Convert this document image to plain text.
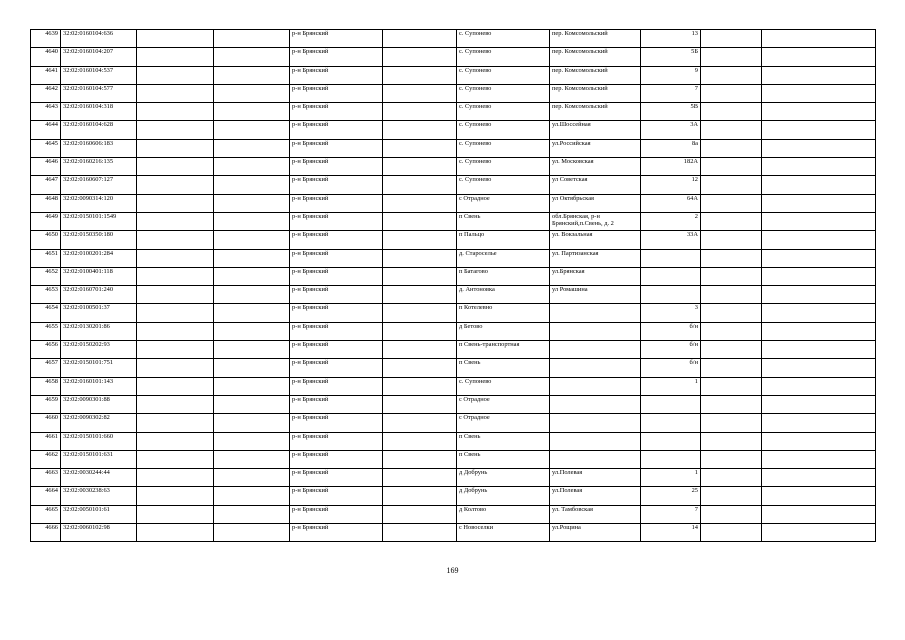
4639	32:02:0160104:636			р-н Брянский		с. Супонево	пер. Комсомольский	13		
4640	32:02:0160104:207			р-н Брянский		с. Супонево	пер. Комсомольский	5Б		
4641	32:02:0160104:537			р-н Брянский		с. Супонево	пер. Комсомольский	9		
4642	32:02:0160104:577			р-н Брянский		с. Супонево	пер. Комсомольский	7		
4643	32:02:0160104:318			р-н Брянский		с. Супонево	пер. Комсомольский	5В		
4644	32:02:0160104:628			р-н Брянский		с. Супонево	ул.Шоссейная	3А		
4645	32:02:0160606:183			р-н Брянский		с. Супонево	ул.Российская	8а		
4646	32:02:0160216:135			р-н Брянский		с. Супонево	ул. Московская	182А		
4647	32:02:0160607:127			р-н Брянский		с. Супонево	ул Советская	12		
4648	32:02:0090314:120			р-н Брянский		с Отрадное	ул Октябрьская	64А		
4649	32:02:0150101:1549			р-н Брянский		п Свень	обл.Брянская, р-н Брянский,п.Свень, д. 2	2		
4650	32:02:0150350:180			р-н Брянский		п Пальцо	ул. Вокзальная	33А		
4651	32:02:0100201:284			р-н Брянский		д. Староселье	ул. Партизанская			
4652	32:02:0100401:118			р-н Брянский		п Батагово	ул.Брянская			
4653	32:02:0160701:240			р-н Брянский		д. Антоновка	ул Ромашина			
4654	32:02:0100501:37			р-н Брянский		п Котелевно		3		
4655	32:02:0130201:86			р-н Брянский		д Бетово		б/н		
4656	32:02:0150202:93			р-н Брянский		п Свень-транспортная		б/н		
4657	32:02:0150101:751			р-н Брянский		п Свень		б/н		
4658	32:02:0160101:143			р-н Брянский		с. Супонево		1		
4659	32:02:0090301:88			р-н Брянский		с Отрадное				
4660	32:02:0090302:82			р-н Брянский		с Отрадное				
4661	32:02:0150101:660			р-н Брянский		п Свень				
4662	32:02:0150101:631			р-н Брянский		п Свень				
4663	32:02:0030244:44			р-н Брянский		д Добрунь	ул.Полевая	1		
4664	32:02:0030238:63			р-н Брянский		д Добрунь	ул.Полевая	25		
4665	32:02:0050101:61			р-н Брянский		д Колтово	ул. Тамбовская	7		
4666	32:02:0060102:98			р-н Брянский		с Новоселки	ул.Рощина	14		
169
